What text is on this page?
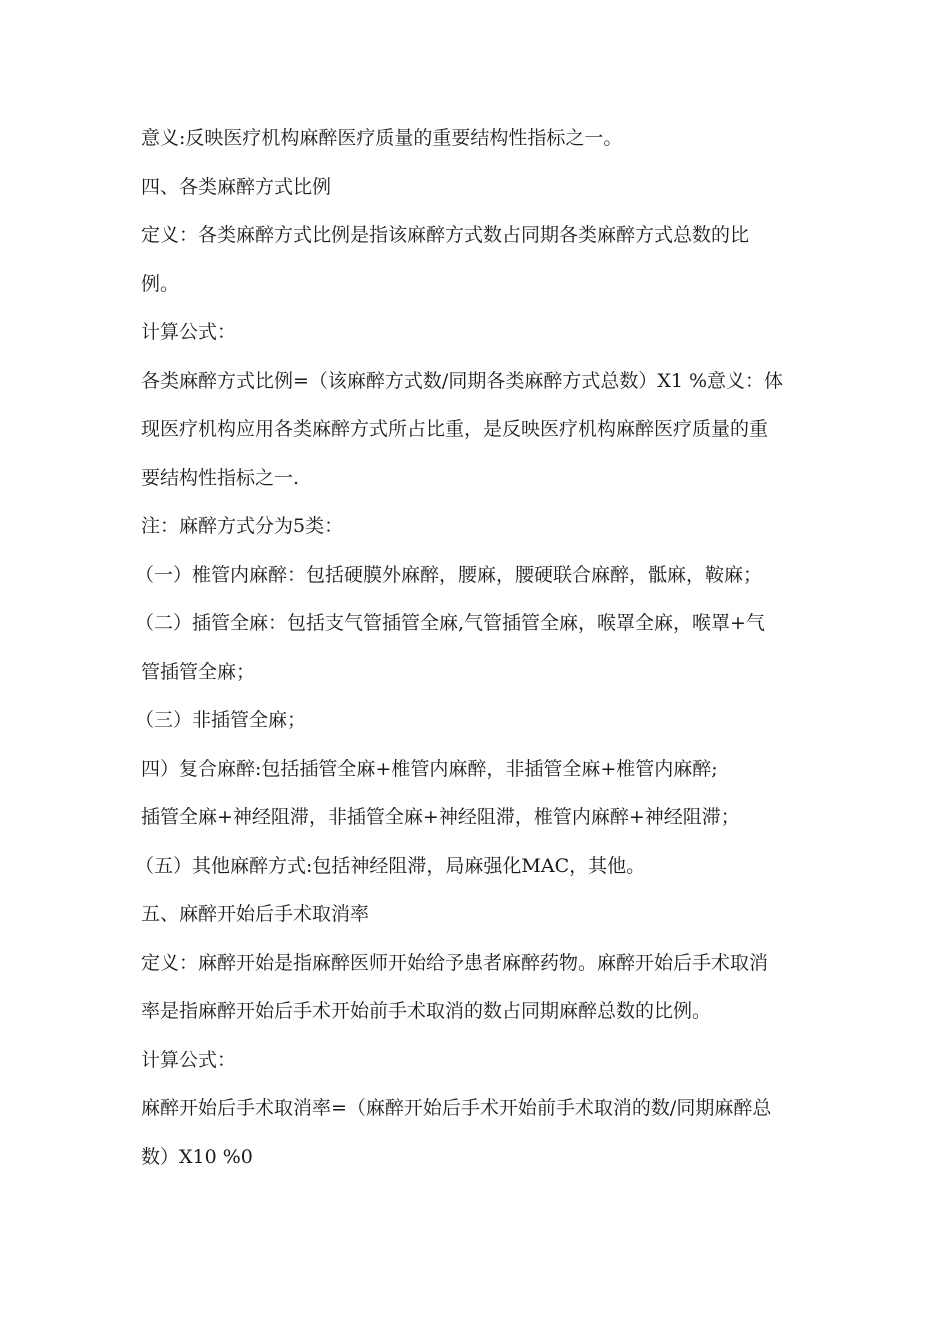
意义:反映医疗机构麻醉医疗质量的重要结构性指标之一。
四、各类麻醉方式比例
定义：各类麻醉方式比例是指该麻醉方式数占同期各类麻醉方式总数的比
例。
计算公式：
各类麻醉方式比例=（该麻醉方式数/同期各类麻醉方式总数）X1 %意义：体
现医疗机构应用各类麻醉方式所占比重，是反映医疗机构麻醉医疗质量的重
要结构性指标之一.
注：麻醉方式分为5类：
（一）椎管内麻醉：包括硬膜外麻醉，腰麻，腰硬联合麻醉，骶麻，鞍麻；
（二）插管全麻：包括支气管插管全麻,气管插管全麻，喉罩全麻，喉罩+气
管插管全麻；
（三）非插管全麻；
四）复合麻醉:包括插管全麻+椎管内麻醉，非插管全麻+椎管内麻醉;
插管全麻+神经阻滞，非插管全麻+神经阻滞，椎管内麻醉+神经阻滞；
（五）其他麻醉方式:包括神经阻滞，局麻强化MAC，其他。
五、麻醉开始后手术取消率
定义：麻醉开始是指麻醉医师开始给予患者麻醉药物。麻醉开始后手术取消
率是指麻醉开始后手术开始前手术取消的数占同期麻醉总数的比例。
计算公式：
麻醉开始后手术取消率=（麻醉开始后手术开始前手术取消的数/同期麻醉总
数）X10 %0
